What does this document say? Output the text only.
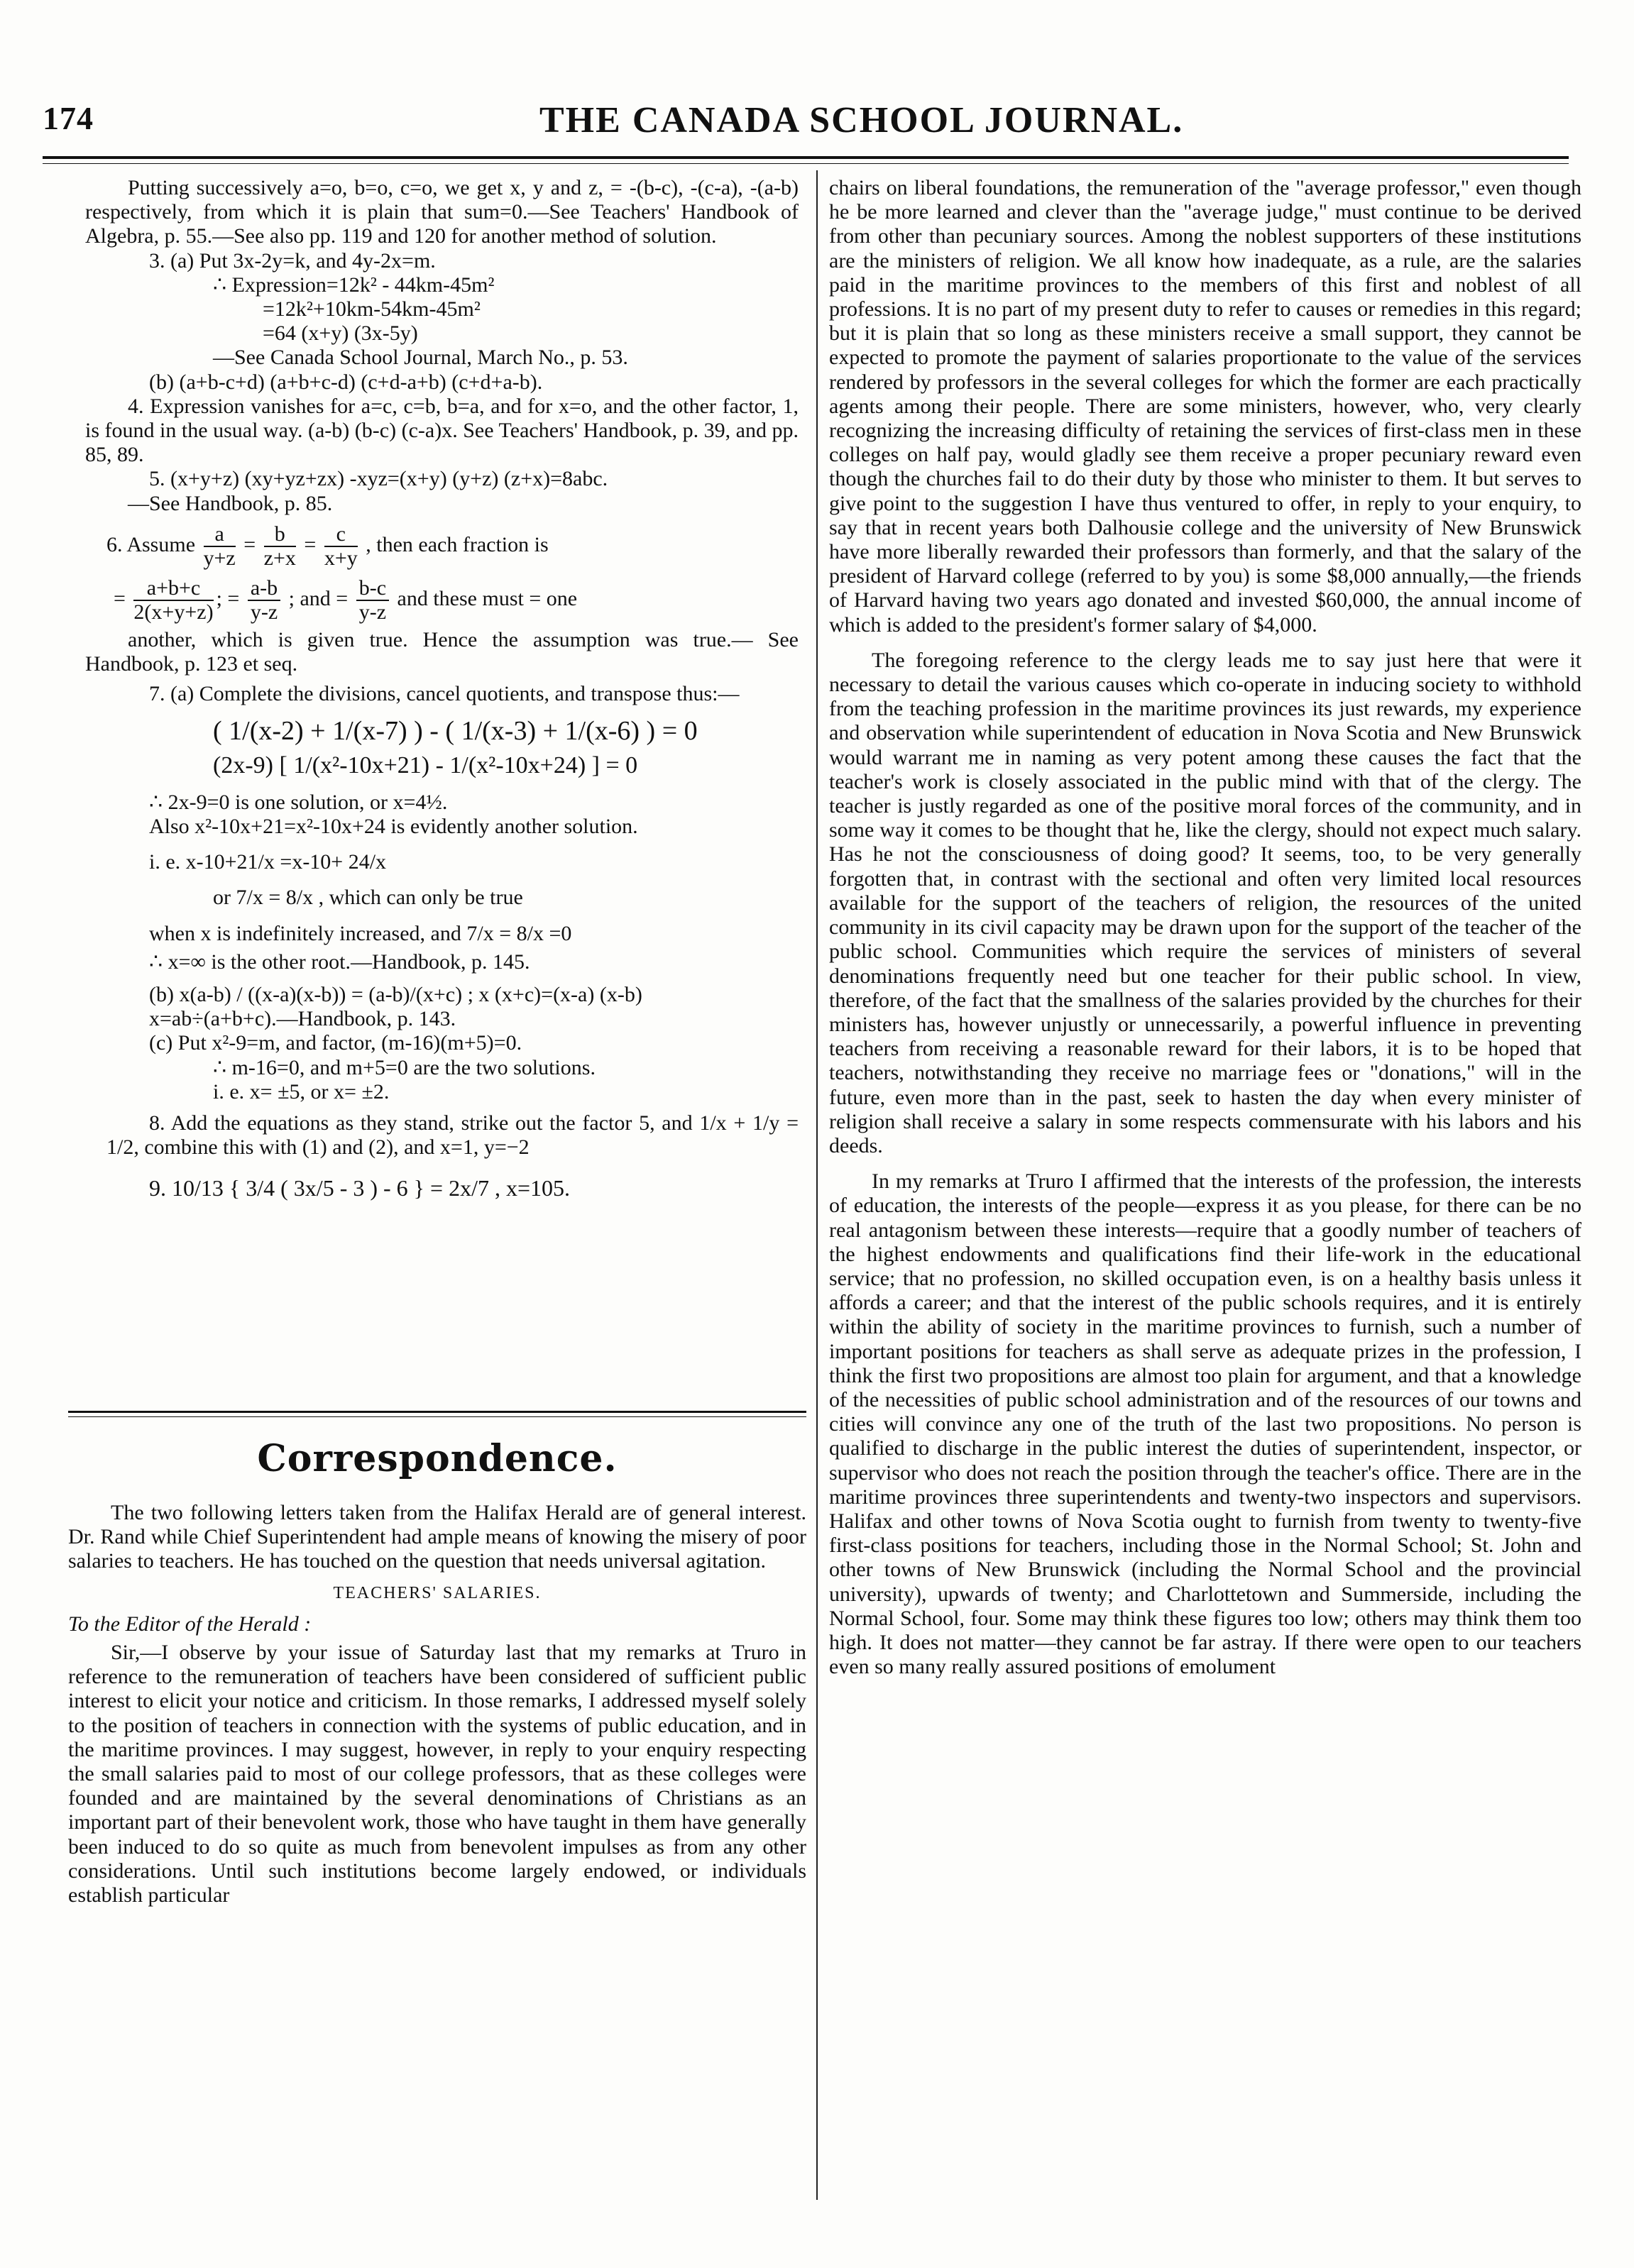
174	THE CANADA SCHOOL JOURNAL.

Putting successively a=o, b=o, c=o, we get x, y and z, = -(b-c), -(c-a), -(a-b) respectively, from which it is plain that sum=0.—See Teachers' Handbook of Algebra, p. 55.—See also pp. 119 and 120 for another method of solution.

3. (a) Put 3x-2y=k, and 4y-2x=m.

∴ Expression=12k² - 44km-45m²

=12k²+10km-54km-45m²

=64 (x+y) (3x-5y)

—See Canada School Journal, March No., p. 53.

(b) (a+b-c+d) (a+b+c-d) (c+d-a+b) (c+d+a-b).

4. Expression vanishes for a=c, c=b, b=a, and for x=o, and the other factor, 1, is found in the usual way. (a-b) (b-c) (c-a)x. See Teachers' Handbook, p. 39, and pp. 85, 89.

5. (x+y+z) (xy+yz+zx) -xyz=(x+y) (y+z) (z+x)=8abc.

—See Handbook, p. 85.

6. Assume $\frac{a}{y+z} = \frac{b}{z+x} = \frac{c}{x+y}$ , then each fraction is
= $\frac{a+b+c}{2(x+y+z)}$ ; = $\frac{a-b}{y-z}$ ; and = $\frac{b-c}{y-z}$ and these must = one

another, which is given true. Hence the assumption was true.— See Handbook, p. 123 et seq.

7. (a) Complete the divisions, cancel quotients, and transpose thus:—

( 1/(x-2) + 1/(x-7) ) - ( 1/(x-3) + 1/(x-6) ) = 0

(2x-9) [ 1/(x²-10x+21) - 1/(x²-10x+24) ] = 0

∴ 2x-9=0 is one solution, or x=4½.

Also x²-10x+21=x²-10x+24 is evidently another solution.

i. e. x-10+21/x =x-10+ 24/x

or 7/x = 8/x , which can only be true

when x is indefinitely increased, and 7/x = 8/x =0

∴ x=∞ is the other root.—Handbook, p. 145.

(b) x(a-b) / ((x-a)(x-b)) = (a-b)/(x+c) ; x (x+c)=(x-a) (x-b)

x=ab÷(a+b+c).—Handbook, p. 143.

(c) Put x²-9=m, and factor, (m-16)(m+5)=0.

∴ m-16=0, and m+5=0 are the two solutions.

i. e. x= ±5, or x= ±2.

8. Add the equations as they stand, strike out the factor 5, and 1/x + 1/y = 1/2, combine this with (1) and (2), and x=1, y=−2

9. 10/13 { 3/4 ( 3x/5 - 3 ) - 6 } = 2x/7 , x=105.

Correspondence.

The two following letters taken from the Halifax Herald are of general interest. Dr. Rand while Chief Superintendent had ample means of knowing the misery of poor salaries to teachers. He has touched on the question that needs universal agitation.

TEACHERS' SALARIES.

To the Editor of the Herald :

Sir,—I observe by your issue of Saturday last that my remarks at Truro in reference to the remuneration of teachers have been considered of sufficient public interest to elicit your notice and criticism. In those remarks, I addressed myself solely to the position of teachers in connection with the systems of public education, and in the maritime provinces. I may suggest, however, in reply to your enquiry respecting the small salaries paid to most of our college professors, that as these colleges were founded and are maintained by the several denominations of Christians as an important part of their benevolent work, those who have taught in them have generally been induced to do so quite as much from benevolent impulses as from any other considerations. Until such institutions become largely endowed, or individuals establish particular

chairs on liberal foundations, the remuneration of the "average professor," even though he be more learned and clever than the "average judge," must continue to be derived from other than pecuniary sources. Among the noblest supporters of these institutions are the ministers of religion. We all know how inadequate, as a rule, are the salaries paid in the maritime provinces to the members of this first and noblest of all professions. It is no part of my present duty to refer to causes or remedies in this regard; but it is plain that so long as these ministers receive a small support, they cannot be expected to promote the payment of salaries proportionate to the value of the services rendered by professors in the several colleges for which the former are each practically agents among their people. There are some ministers, however, who, very clearly recognizing the increasing difficulty of retaining the services of first-class men in these colleges on half pay, would gladly see them receive a proper pecuniary reward even though the churches fail to do their duty by those who minister to them. It but serves to give point to the suggestion I have thus ventured to offer, in reply to your enquiry, to say that in recent years both Dalhousie college and the university of New Brunswick have more liberally rewarded their professors than formerly, and that the salary of the president of Harvard college (referred to by you) is some $8,000 annually,—the friends of Harvard having two years ago donated and invested $60,000, the annual income of which is added to the president's former salary of $4,000.

The foregoing reference to the clergy leads me to say just here that were it necessary to detail the various causes which co-operate in inducing society to withhold from the teaching profession in the maritime provinces its just rewards, my experience and observation while superintendent of education in Nova Scotia and New Brunswick would warrant me in naming as very potent among these causes the fact that the teacher's work is closely associated in the public mind with that of the clergy. The teacher is justly regarded as one of the positive moral forces of the community, and in some way it comes to be thought that he, like the clergy, should not expect much salary. Has he not the consciousness of doing good? It seems, too, to be very generally forgotten that, in contrast with the sectional and often very limited local resources available for the support of the teachers of religion, the resources of the united community in its civil capacity may be drawn upon for the support of the teacher of the public school. Communities which require the services of ministers of several denominations frequently need but one teacher for their public school. In view, therefore, of the fact that the smallness of the salaries provided by the churches for their ministers has, however unjustly or unnecessarily, a powerful influence in preventing teachers from receiving a reasonable reward for their labors, it is to be hoped that teachers, notwithstanding they receive no marriage fees or "donations," will in the future, even more than in the past, seek to hasten the day when every minister of religion shall receive a salary in some respects commensurate with his labors and his deeds.

In my remarks at Truro I affirmed that the interests of the profession, the interests of education, the interests of the people—express it as you please, for there can be no real antagonism between these interests—require that a goodly number of teachers of the highest endowments and qualifications find their life-work in the educational service; that no profession, no skilled occupation even, is on a healthy basis unless it affords a career; and that the interest of the public schools requires, and it is entirely within the ability of society in the maritime provinces to furnish, such a number of important positions for teachers as shall serve as adequate prizes in the profession, I think the first two propositions are almost too plain for argument, and that a knowledge of the necessities of public school administration and of the resources of our towns and cities will convince any one of the truth of the last two propositions. No person is qualified to discharge in the public interest the duties of superintendent, inspector, or supervisor who does not reach the position through the teacher's office. There are in the maritime provinces three superintendents and twenty-two inspectors and supervisors. Halifax and other towns of Nova Scotia ought to furnish from twenty to twenty-five first-class positions for teachers, including those in the Normal School; St. John and other towns of New Brunswick (including the Normal School and the provincial university), upwards of twenty; and Charlottetown and Summerside, including the Normal School, four. Some may think these figures too low; others may think them too high. It does not matter—they cannot be far astray. If there were open to our teachers even so many really assured positions of emolument
